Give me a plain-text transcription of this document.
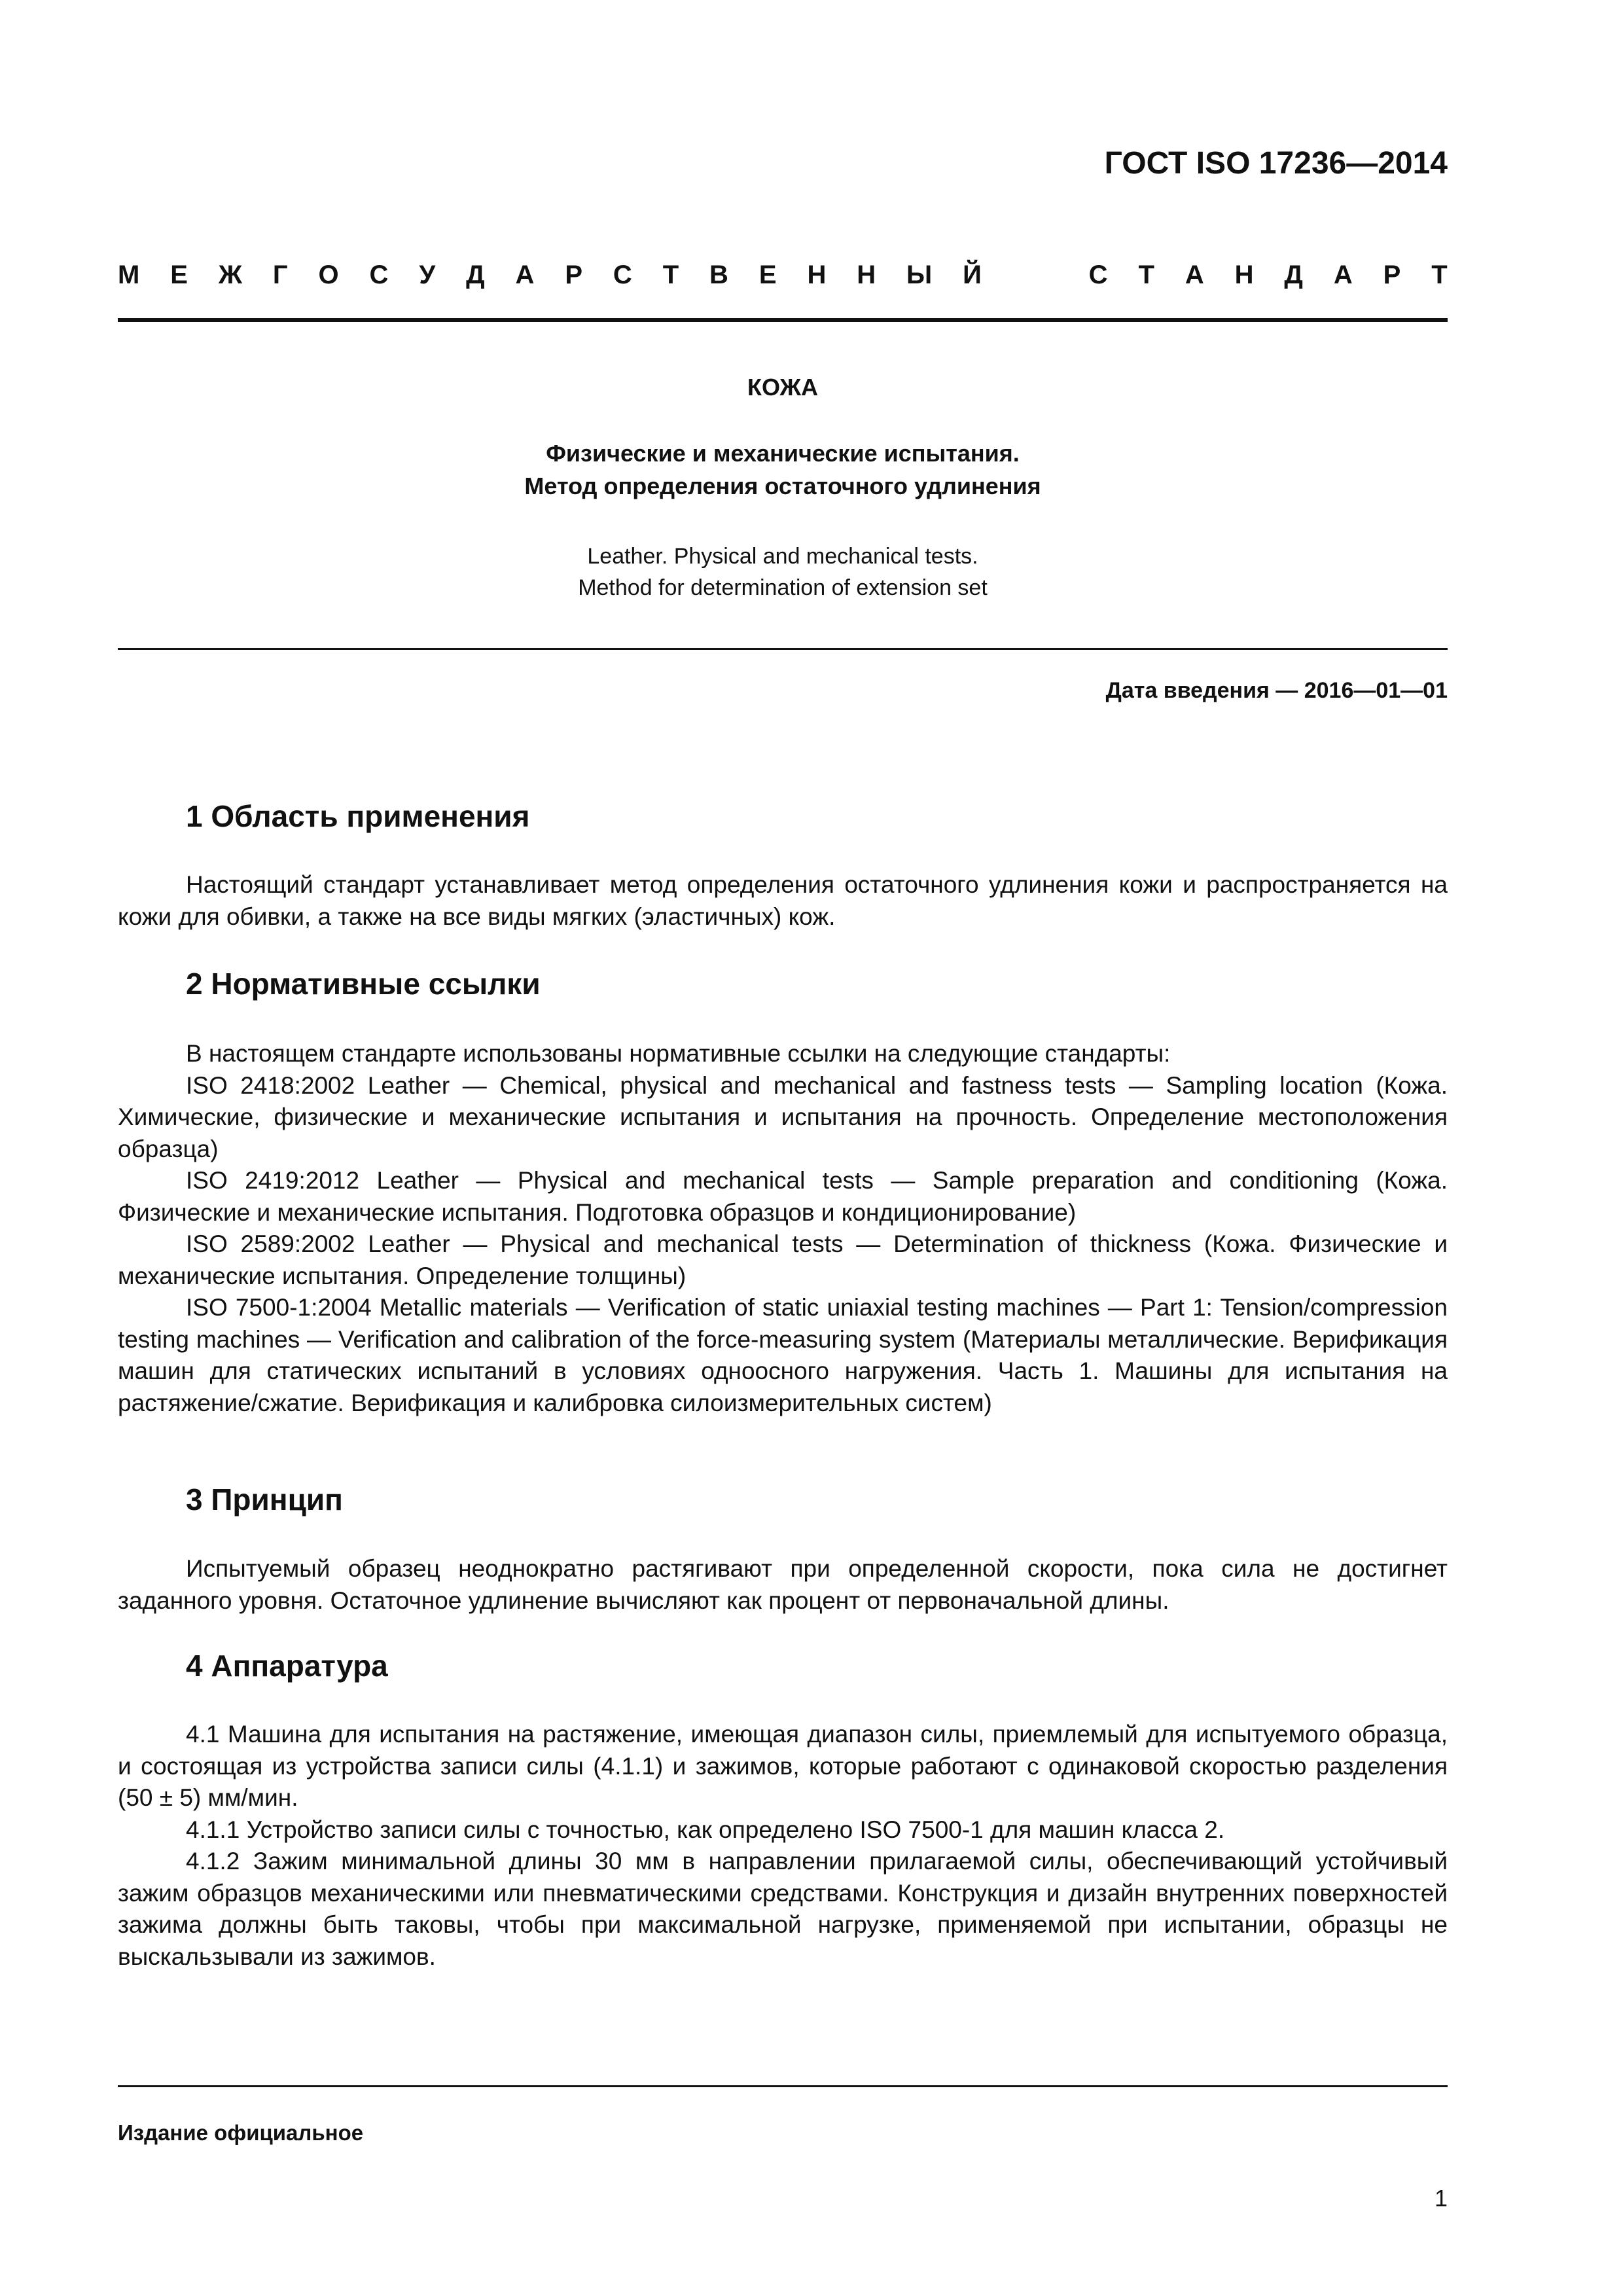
ГОСТ ISO 17236—2014
М Е Ж Г О С У Д А Р С Т В Е Н Н Ы Й	С Т А Н Д А Р Т
КОЖА
Физические и механические испытания.
Метод определения остаточного удлинения
Leather. Physical and mechanical tests.
Method for determination of extension set
Дата введения — 2016—01—01
1 Область применения

Настоящий стандарт устанавливает метод определения остаточного удлинения кожи и распространяется на кожи для обивки, а также на все виды мягких (эластичных) кож.

2 Нормативные ссылки

В настоящем стандарте использованы нормативные ссылки на следующие стандарты:

ISO 2418:2002 Leather — Chemical, physical and mechanical and fastness tests — Sampling location (Кожа. Химические, физические и механические испытания и испытания на прочность. Определение местоположения образца)

ISO 2419:2012 Leather — Physical and mechanical tests — Sample preparation and conditioning (Кожа. Физические и механические испытания. Подготовка образцов и кондиционирование)

ISO 2589:2002 Leather — Physical and mechanical tests — Determination of thickness (Кожа. Физические и механические испытания. Определение толщины)

ISO 7500-1:2004 Metallic materials — Verification of static uniaxial testing machines — Part 1: Tension/compression testing machines — Verification and calibration of the force-measuring system (Материалы металлические. Верификация машин для статических испытаний в условиях одноосного нагружения. Часть 1. Машины для испытания на растяжение/сжатие. Верификация и калибровка силоизмерительных систем)

3 Принцип

Испытуемый образец неоднократно растягивают при определенной скорости, пока сила не достигнет заданного уровня. Остаточное удлинение вычисляют как процент от первоначальной длины.

4 Аппаратура

4.1 Машина для испытания на растяжение, имеющая диапазон силы, приемлемый для испытуемого образца, и состоящая из устройства записи силы (4.1.1) и зажимов, которые работают с одинаковой скоростью разделения (50 ± 5) мм/мин.

4.1.1 Устройство записи силы с точностью, как определено ISO 7500-1 для машин класса 2.

4.1.2 Зажим минимальной длины 30 мм в направлении прилагаемой силы, обеспечивающий устойчивый зажим образцов механическими или пневматическими средствами. Конструкция и дизайн внутренних поверхностей зажима должны быть таковы, чтобы при максимальной нагрузке, применяемой при испытании, образцы не выскальзывали из зажимов.

Издание официальное
1
